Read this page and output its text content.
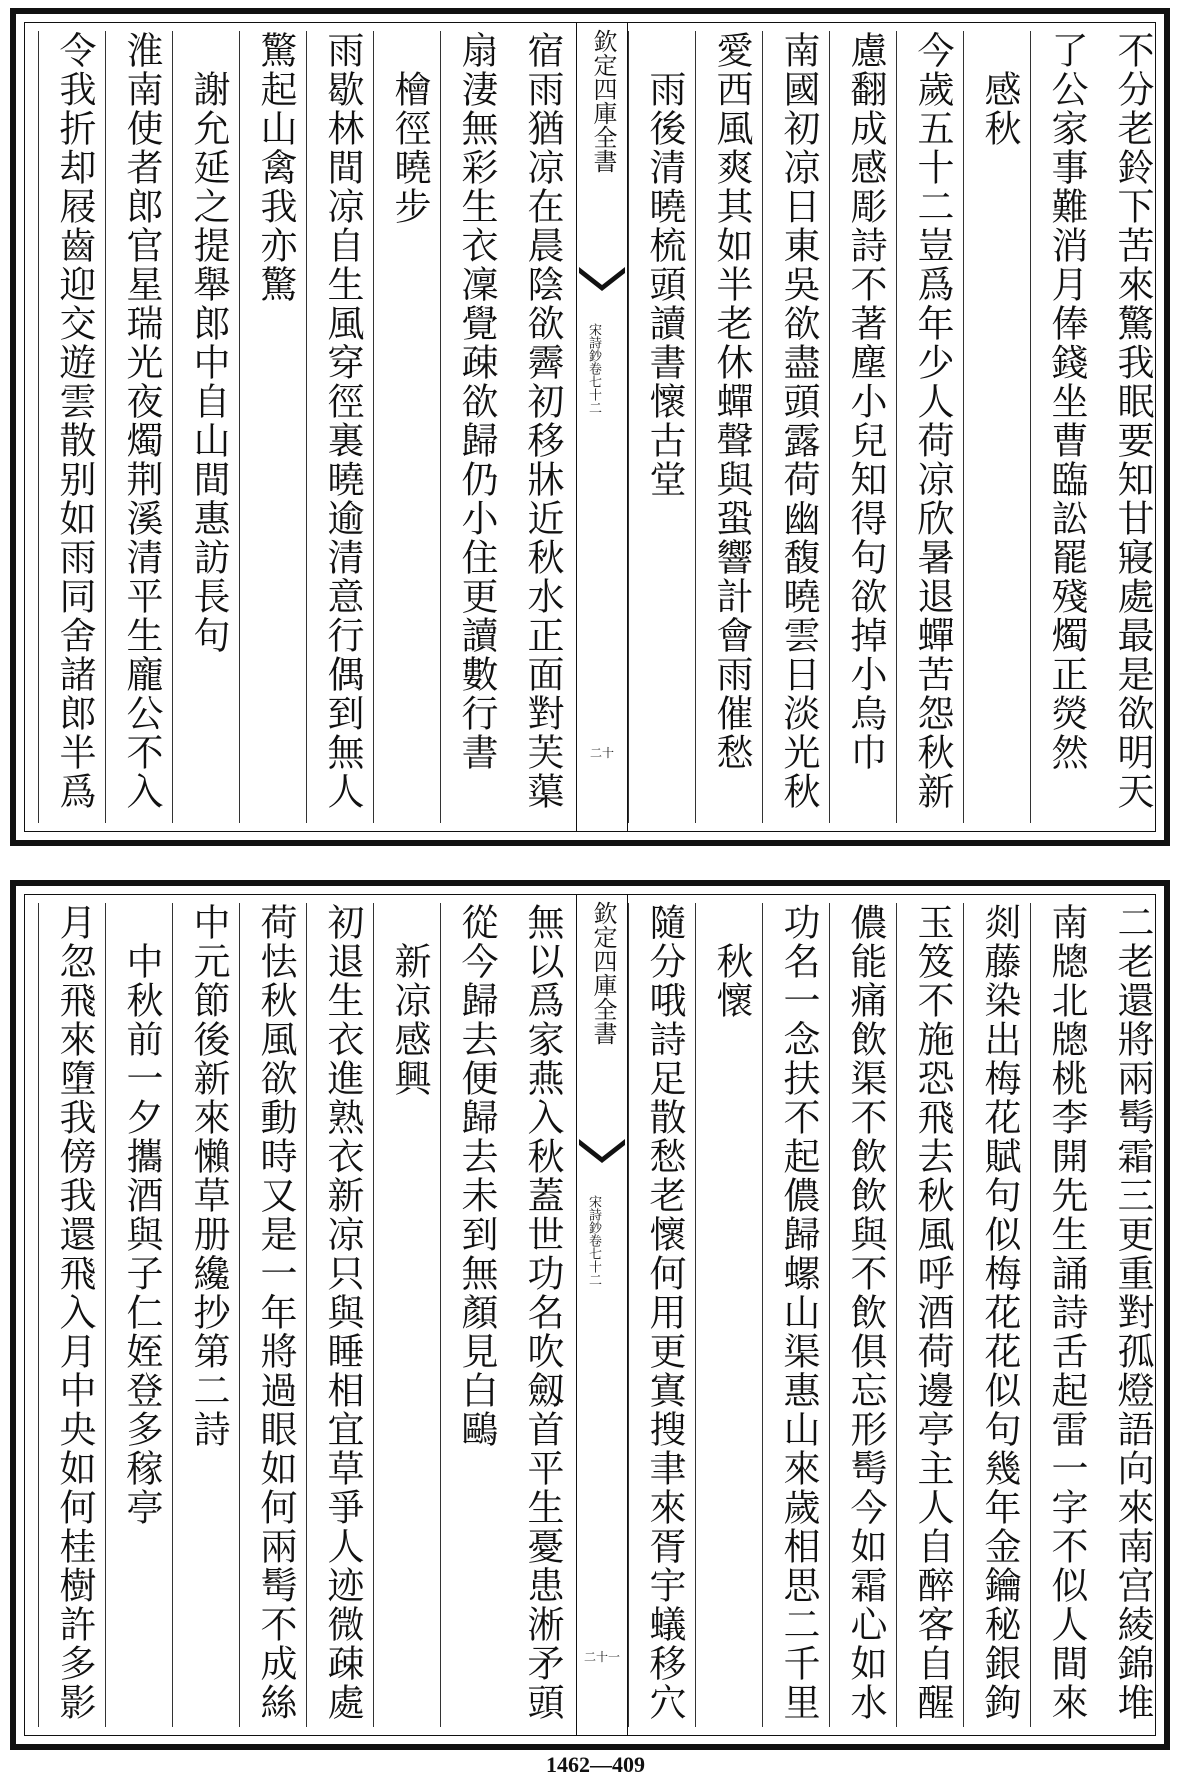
不分老鈴下苦來驚我眠要知甘寢處最是欲明天
了公家事難消月俸錢坐曹臨訟罷殘燭正熒然
　感秋
今歲五十二豈爲年少人荷凉欣暑退蟬苦怨秋新
慮翻成感彫詩不著塵小兒知得句欲掉小烏巾
南國初凉日東吳欲盡頭露荷幽馥曉雲日淡光秋
愛西風爽其如半老休蟬聲與蛩響計會雨催愁
　雨後清曉梳頭讀書懷古堂
欽定四庫全書
宋詩鈔卷七十二
二十
宿雨猶凉在晨陰欲霽初移牀近秋水正面對芙蕖
扇淒無彩生衣凜覺疎欲歸仍小住更讀數行書
　檜徑曉步
雨歇林間凉自生風穿徑裏曉逾清意行偶到無人
驚起山禽我亦驚
　謝允延之提舉郎中自山間惠訪長句
淮南使者郎官星瑞光夜燭荆溪清平生龐公不入
令我折却屐齒迎交遊雲散别如雨同舍諸郎半爲
二老還將兩髩霜三更重對孤燈語向來南宫綾錦堆
南牕北牕桃李開先生誦詩舌起雷一字不似人間來
剡藤染出梅花賦句似梅花花似句幾年金鑰秘銀鉤
玉笈不施恐飛去秋風呼酒荷邊亭主人自醉客自醒
儂能痛飲渠不飲飲與不飲俱忘形髩今如霜心如水
功名一念扶不起儂歸螺山渠惠山來歲相思二千里
　秋懷
隨分哦詩足散愁老懷何用更寘搜聿來胥宇蟻移穴
欽定四庫全書
宋詩鈔卷七十二
二十一
無以爲家燕入秋蓋世功名吹劔首平生憂患淅矛頭
從今歸去便歸去未到無顏見白鷗
　新凉感興
初退生衣進熟衣新凉只與睡相宜草爭人迹微疎處
荷怯秋風欲動時又是一年將過眼如何兩髩不成絲
中元節後新來懶草册纔抄第二詩
　中秋前一夕攜酒與子仁姪登多稼亭
月忽飛來墮我傍我還飛入月中央如何桂樹許多影
1462—409
